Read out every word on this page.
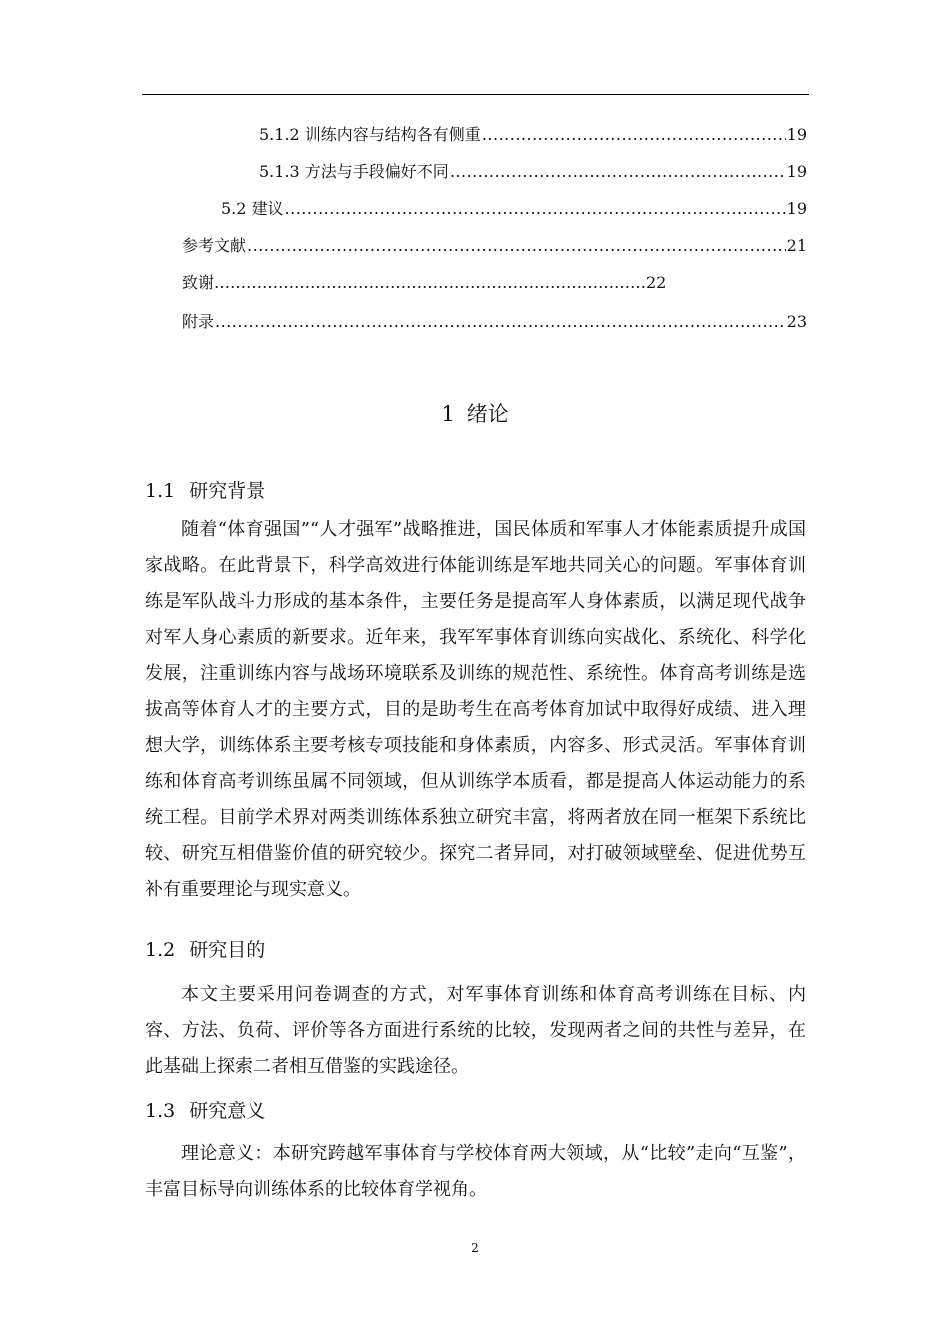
5.1.2 训练内容与结构各有侧重 .....	19
5.1.3 方法与手段偏好不同 .....	19
5.2 建议 .....	19
参考文献 .....	21
致谢………………………………………………………………………22
附录 .....	23
1 绪论
1.1 研究背景

随着“体育强国”“人才强军”战略推进，国民体质和军事人才体能素质提升成国家战略。在此背景下，科学高效进行体能训练是军地共同关心的问题。军事体育训练是军队战斗力形成的基本条件，主要任务是提高军人身体素质，以满足现代战争对军人身心素质的新要求。近年来，我军军事体育训练向实战化、系统化、科学化发展，注重训练内容与战场环境联系及训练的规范性、系统性。体育高考训练是选拔高等体育人才的主要方式，目的是助考生在高考体育加试中取得好成绩、进入理想大学，训练体系主要考核专项技能和身体素质，内容多、形式灵活。军事体育训练和体育高考训练虽属不同领域，但从训练学本质看，都是提高人体运动能力的系统工程。目前学术界对两类训练体系独立研究丰富，将两者放在同一框架下系统比较、研究互相借鉴价值的研究较少。探究二者异同，对打破领域壁垒、促进优势互补有重要理论与现实意义。

1.2 研究目的

本文主要采用问卷调查的方式，对军事体育训练和体育高考训练在目标、内容、方法、负荷、评价等各方面进行系统的比较，发现两者之间的共性与差异，在此基础上探索二者相互借鉴的实践途径。

1.3 研究意义

理论意义：本研究跨越军事体育与学校体育两大领域，从“比较”走向“互鉴”，丰富目标导向训练体系的比较体育学视角。

2
